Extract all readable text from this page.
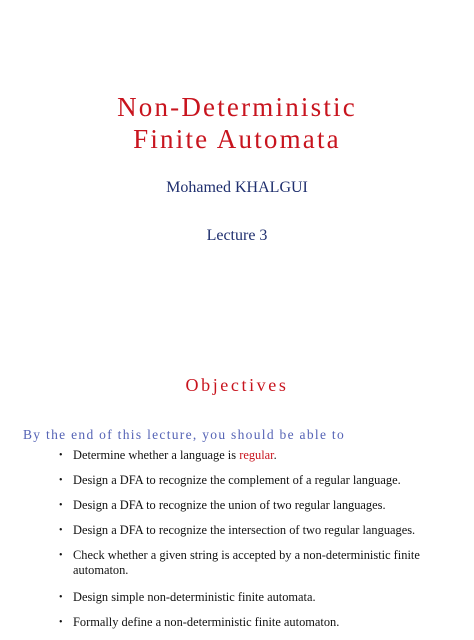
Non-Deterministic
Finite Automata
Mohamed KHALGUI
Lecture 3
Objectives
By the end of this lecture, you should be able to
• Determine whether a language is regular.
• Design a DFA to recognize the complement of a regular language.
• Design a DFA to recognize the union of two regular languages.
• Design a DFA to recognize the intersection of two regular languages.
• Check whether a given string is accepted by a non-deterministic finite automaton.
• Design simple non-deterministic finite automata.
• Formally define a non-deterministic finite automaton.
